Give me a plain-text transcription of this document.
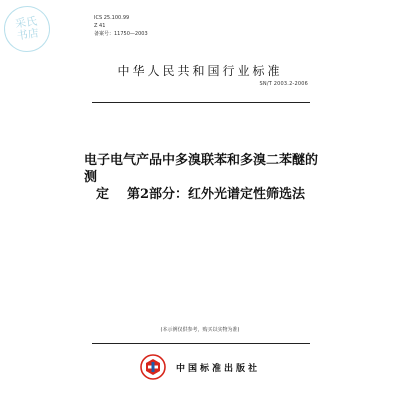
采氏书店
ICS 25.100.99
Z 41
备案号：11750—2003
中华人民共和国行业标准
SN/T 2003.2-2006
电子电气产品中多溴联苯和多溴二苯醚的测
定 第2部分：红外光谱定性筛选法
(本示例仅供参考，购买以实物为准)
中国标准出版社
